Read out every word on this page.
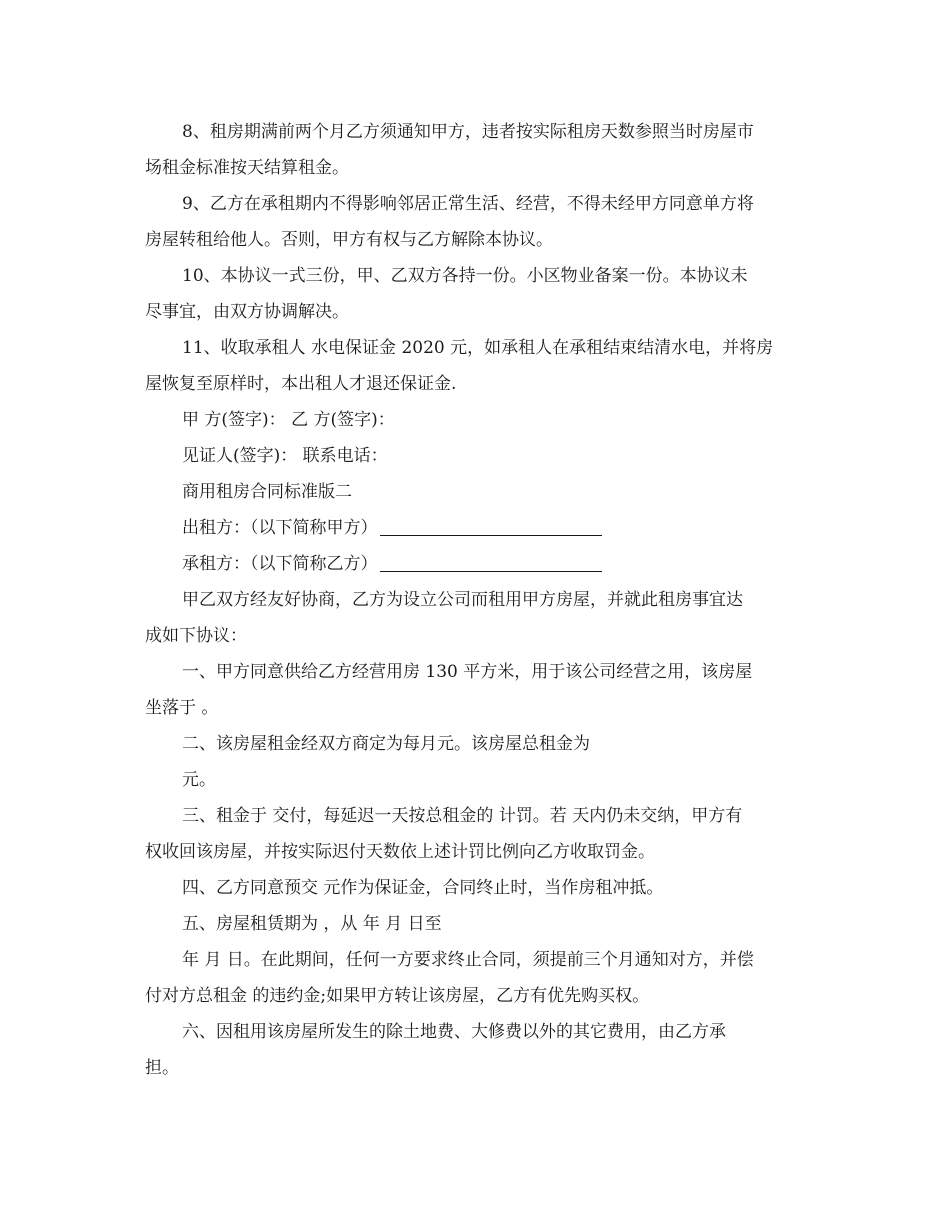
8、租房期满前两个月乙方须通知甲方，违者按实际租房天数参照当时房屋市
场租金标准按天结算租金。
9、乙方在承租期内不得影响邻居正常生活、经营，不得未经甲方同意单方将
房屋转租给他人。否则，甲方有权与乙方解除本协议。
10、本协议一式三份，甲、乙双方各持一份。小区物业备案一份。本协议未
尽事宜，由双方协调解决。
11、收取承租人 水电保证金 2020 元，如承租人在承租结束结清水电，并将房
屋恢复至原样时，本出租人才退还保证金.
甲 方(签字)： 乙 方(签字)：
见证人(签字)： 联系电话：
商用租房合同标准版二
出租方：（以下简称甲方）
承租方：（以下简称乙方）
甲乙双方经友好协商，乙方为设立公司而租用甲方房屋，并就此租房事宜达
成如下协议：
一、甲方同意供给乙方经营用房 130 平方米，用于该公司经营之用，该房屋
坐落于 。
二、该房屋租金经双方商定为每月元。该房屋总租金为
元。
三、租金于 交付，每延迟一天按总租金的 计罚。若 天内仍未交纳，甲方有
权收回该房屋，并按实际迟付天数依上述计罚比例向乙方收取罚金。
四、乙方同意预交 元作为保证金，合同终止时，当作房租冲抵。
五、房屋租赁期为 ，从 年 月 日至
年 月 日。在此期间，任何一方要求终止合同，须提前三个月通知对方，并偿
付对方总租金 的违约金;如果甲方转让该房屋，乙方有优先购买权。
六、因租用该房屋所发生的除土地费、大修费以外的其它费用，由乙方承
担。
